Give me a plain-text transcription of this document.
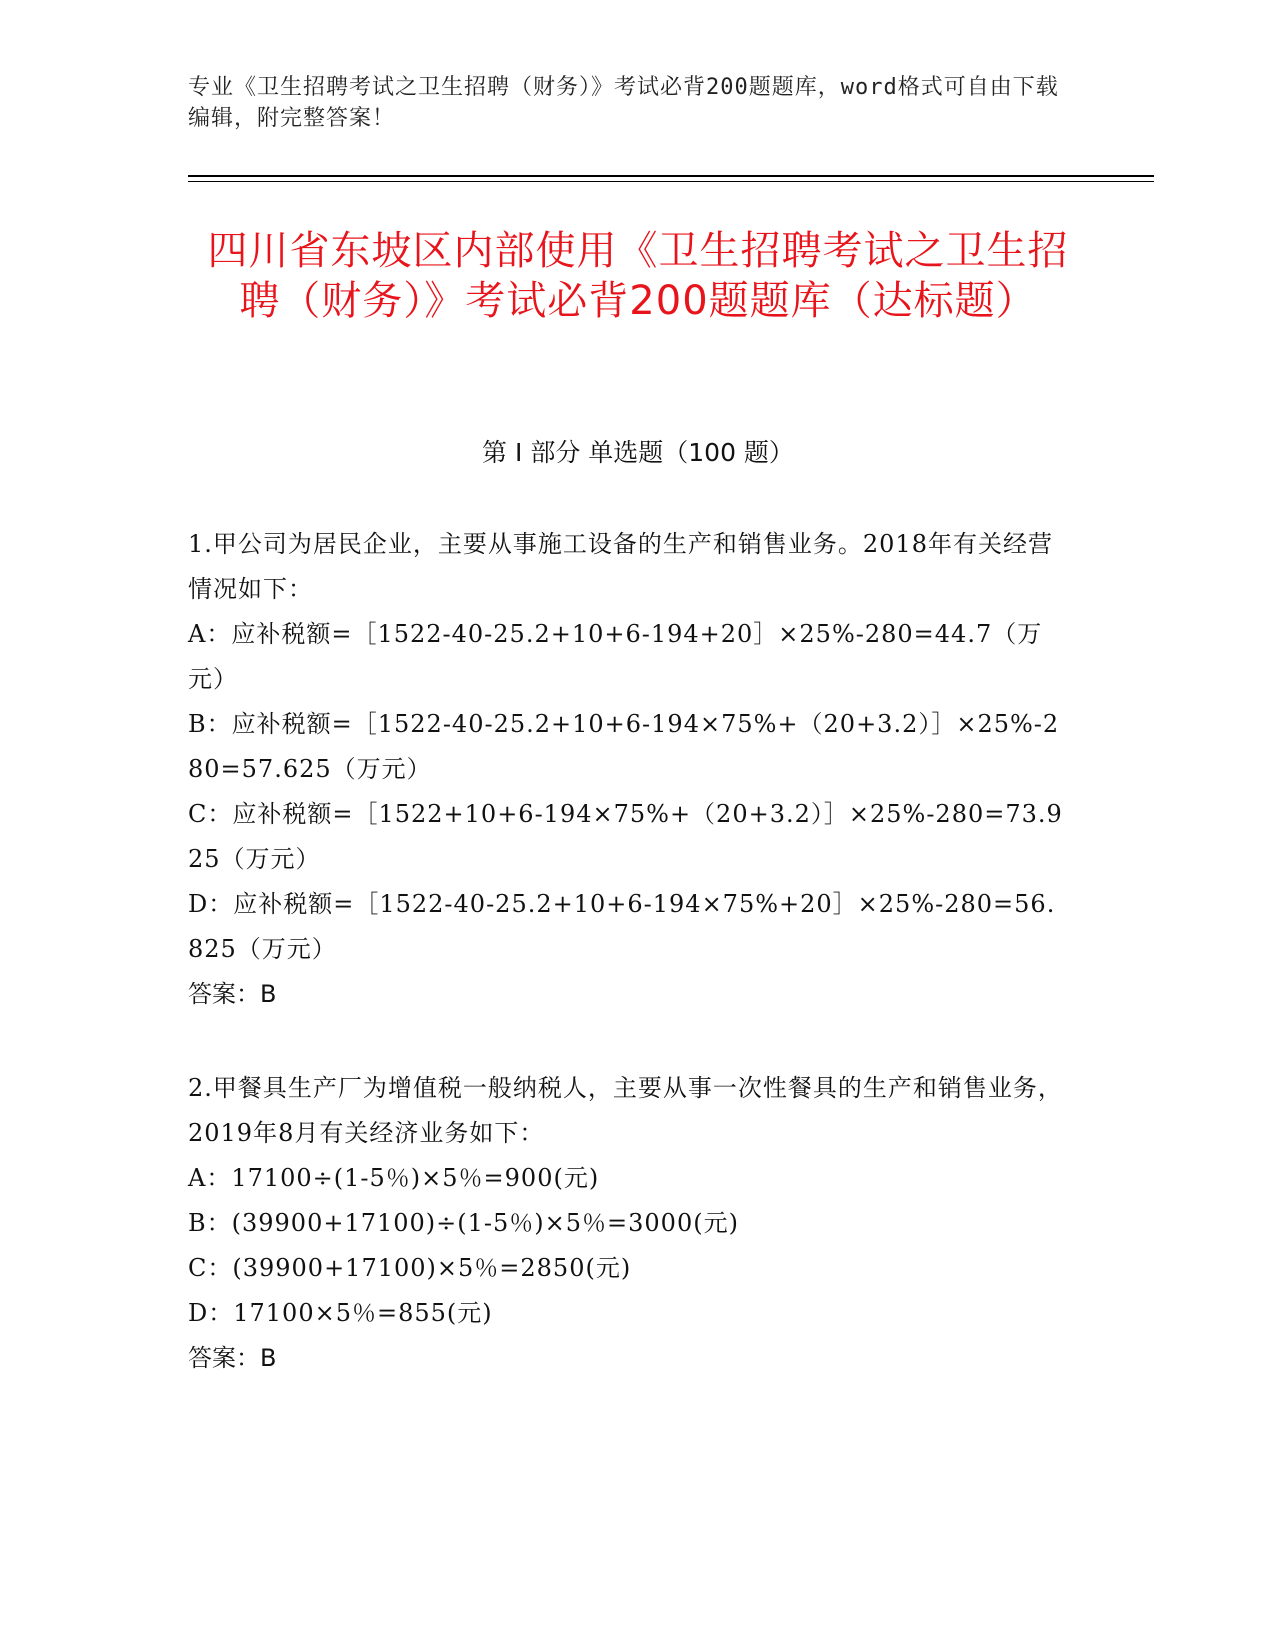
专业《卫生招聘考试之卫生招聘（财务）》考试必背200题题库，word格式可自由下载编辑，附完整答案！
四川省东坡区内部使用《卫生招聘考试之卫生招聘（财务）》考试必背200题题库（达标题）
第 I 部分 单选题（100 题）

1.甲公司为居民企业，主要从事施工设备的生产和销售业务。2018年有关经营情况如下：

A：应补税额=［1522-40-25.2+10+6-194+20］×25%-280=44.7（万元）

B：应补税额=［1522-40-25.2+10+6-194×75%+（20+3.2）］×25%-280=57.625（万元）

C：应补税额=［1522+10+6-194×75%+（20+3.2）］×25%-280=73.925（万元）

D：应补税额=［1522-40-25.2+10+6-194×75%+20］×25%-280=56.825（万元）

答案：B

2.甲餐具生产厂为增值税一般纳税人，主要从事一次性餐具的生产和销售业务，2019年8月有关经济业务如下：

A：17100÷(1-5％)×5％=900(元)

B：(39900+17100)÷(1-5％)×5％=3000(元)

C：(39900+17100)×5％=2850(元)

D：17100×5％=855(元)

答案：B
